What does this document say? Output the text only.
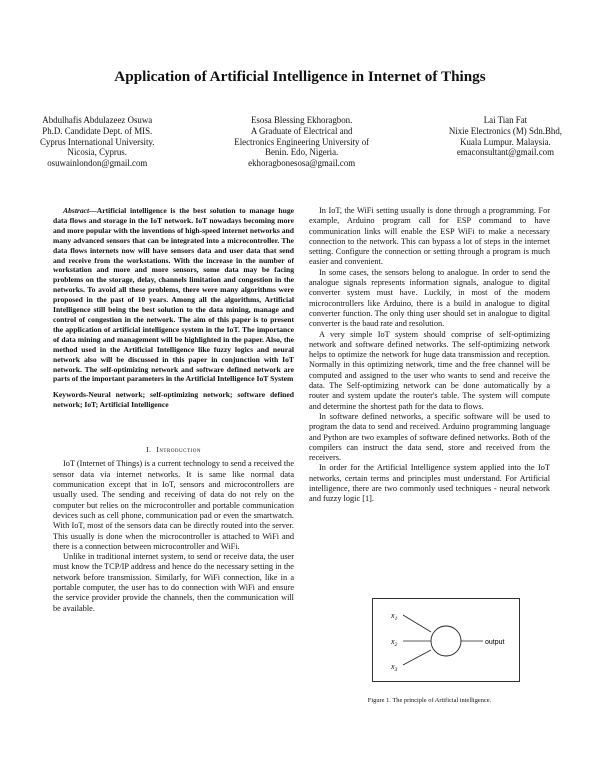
Application of Artificial Intelligence in Internet of Things
Abdulhafis Abdulazeez Osuwa
Ph.D. Candidate Dept. of MIS.
Cyprus International University.
Nicosia, Cyprus.
osuwainlondon@gmail.com
Esosa Blessing Ekhoragbon.
A Graduate of Electrical and
Electronics Engineering University of
Benin. Edo, Nigeria.
ekhoragbonesosa@gmail.com
Lai Tian Fat
Nixie Electronics (M) Sdn.Bhd,
Kuala Lumpur. Malaysia.
emaconsultant@gmail.com

Abstract—Artificial intelligence is the best solution to manage huge data flows and storage in the IoT network. IoT nowadays becoming more and more popular with the inventions of high-speed internet networks and many advanced sensors that can be integrated into a microcontroller. The data flows internets now will have sensors data and user data that send and receive from the workstations. With the increase in the number of workstation and more and more sensors, some data may be facing problems on the storage, delay, channels limitation and congestion in the networks. To avoid all these problems, there were many algorithms were proposed in the past of 10 years. Among all the algorithms, Artificial Intelligence still being the best solution to the data mining, manage and control of congestion in the network. The aim of this paper is to present the application of artificial intelligence system in the IoT. The importance of data mining and management will be highlighted in the paper. Also, the method used in the Artificial Intelligence like fuzzy logics and neural network also will be discussed in this paper in conjunction with IoT network. The self-optimizing network and software defined network are parts of the important parameters in the Artificial Intelligence IoT System

Keywords-Neural network; self-optimizing network; software defined network; IoT; Artificial Intelligence

I. Introduction

IoT (Internet of Things) is a current technology to send a received the sensor data via internet networks. It is same like normal data communication except that in IoT, sensors and microcontrollers are usually used. The sending and receiving of data do not rely on the computer but relies on the microcontroller and portable communication devices such as cell phone, communication pad or even the smartwatch. With IoT, most of the sensors data can be directly routed into the server. This usually is done when the microcontroller is attached to WiFi and there is a connection between microcontroller and WiFi.

Unlike in traditional internet system, to send or receive data, the user must know the TCP/IP address and hence do the necessary setting in the network before transmission. Similarly, for WiFi connection, like in a portable computer, the user has to do connection with WiFi and ensure the service provider provide the channels, then the communication will be available.

In IoT, the WiFi setting usually is done through a programming. For example, Arduino program call for ESP command to have communication links will enable the ESP WiFi to make a necessary connection to the network. This can bypass a lot of steps in the internet setting. Configure the connection or setting through a program is much easier and convenient.

In some cases, the sensors belong to analogue. In order to send the analogue signals represents information signals, analogue to digital converter system must have. Luckily, in most of the modern microcontrollers like Arduino, there is a build in analogue to digital converter function. The only thing user should set in analogue to digital converter is the baud rate and resolution.

A very simple IoT system should comprise of self-optimizing network and software defined networks. The self-optimizing network helps to optimize the network for huge data transmission and reception. Normally in this optimizing network, time and the free channel will be computed and assigned to the user who wants to send and receive the data. The Self-optimizing network can be done automatically by a router and system update the router's table. The system will compute and determine the shortest path for the data to flows.

In software defined networks, a specific software will be used to program the data to send and received. Arduino programming language and Python are two examples of software defined networks. Both of the compilers can instruct the data send, store and received from the receivers.

In order for the Artificial Intelligence system applied into the IoT networks, certain terms and principles must understand. For Artificial intelligence, there are two commonly used techniques - neural network and fuzzy logic [1].

$x_1$
$x_2$
$x_3$
output
Figure 1. The principle of Artificial intelligence.
